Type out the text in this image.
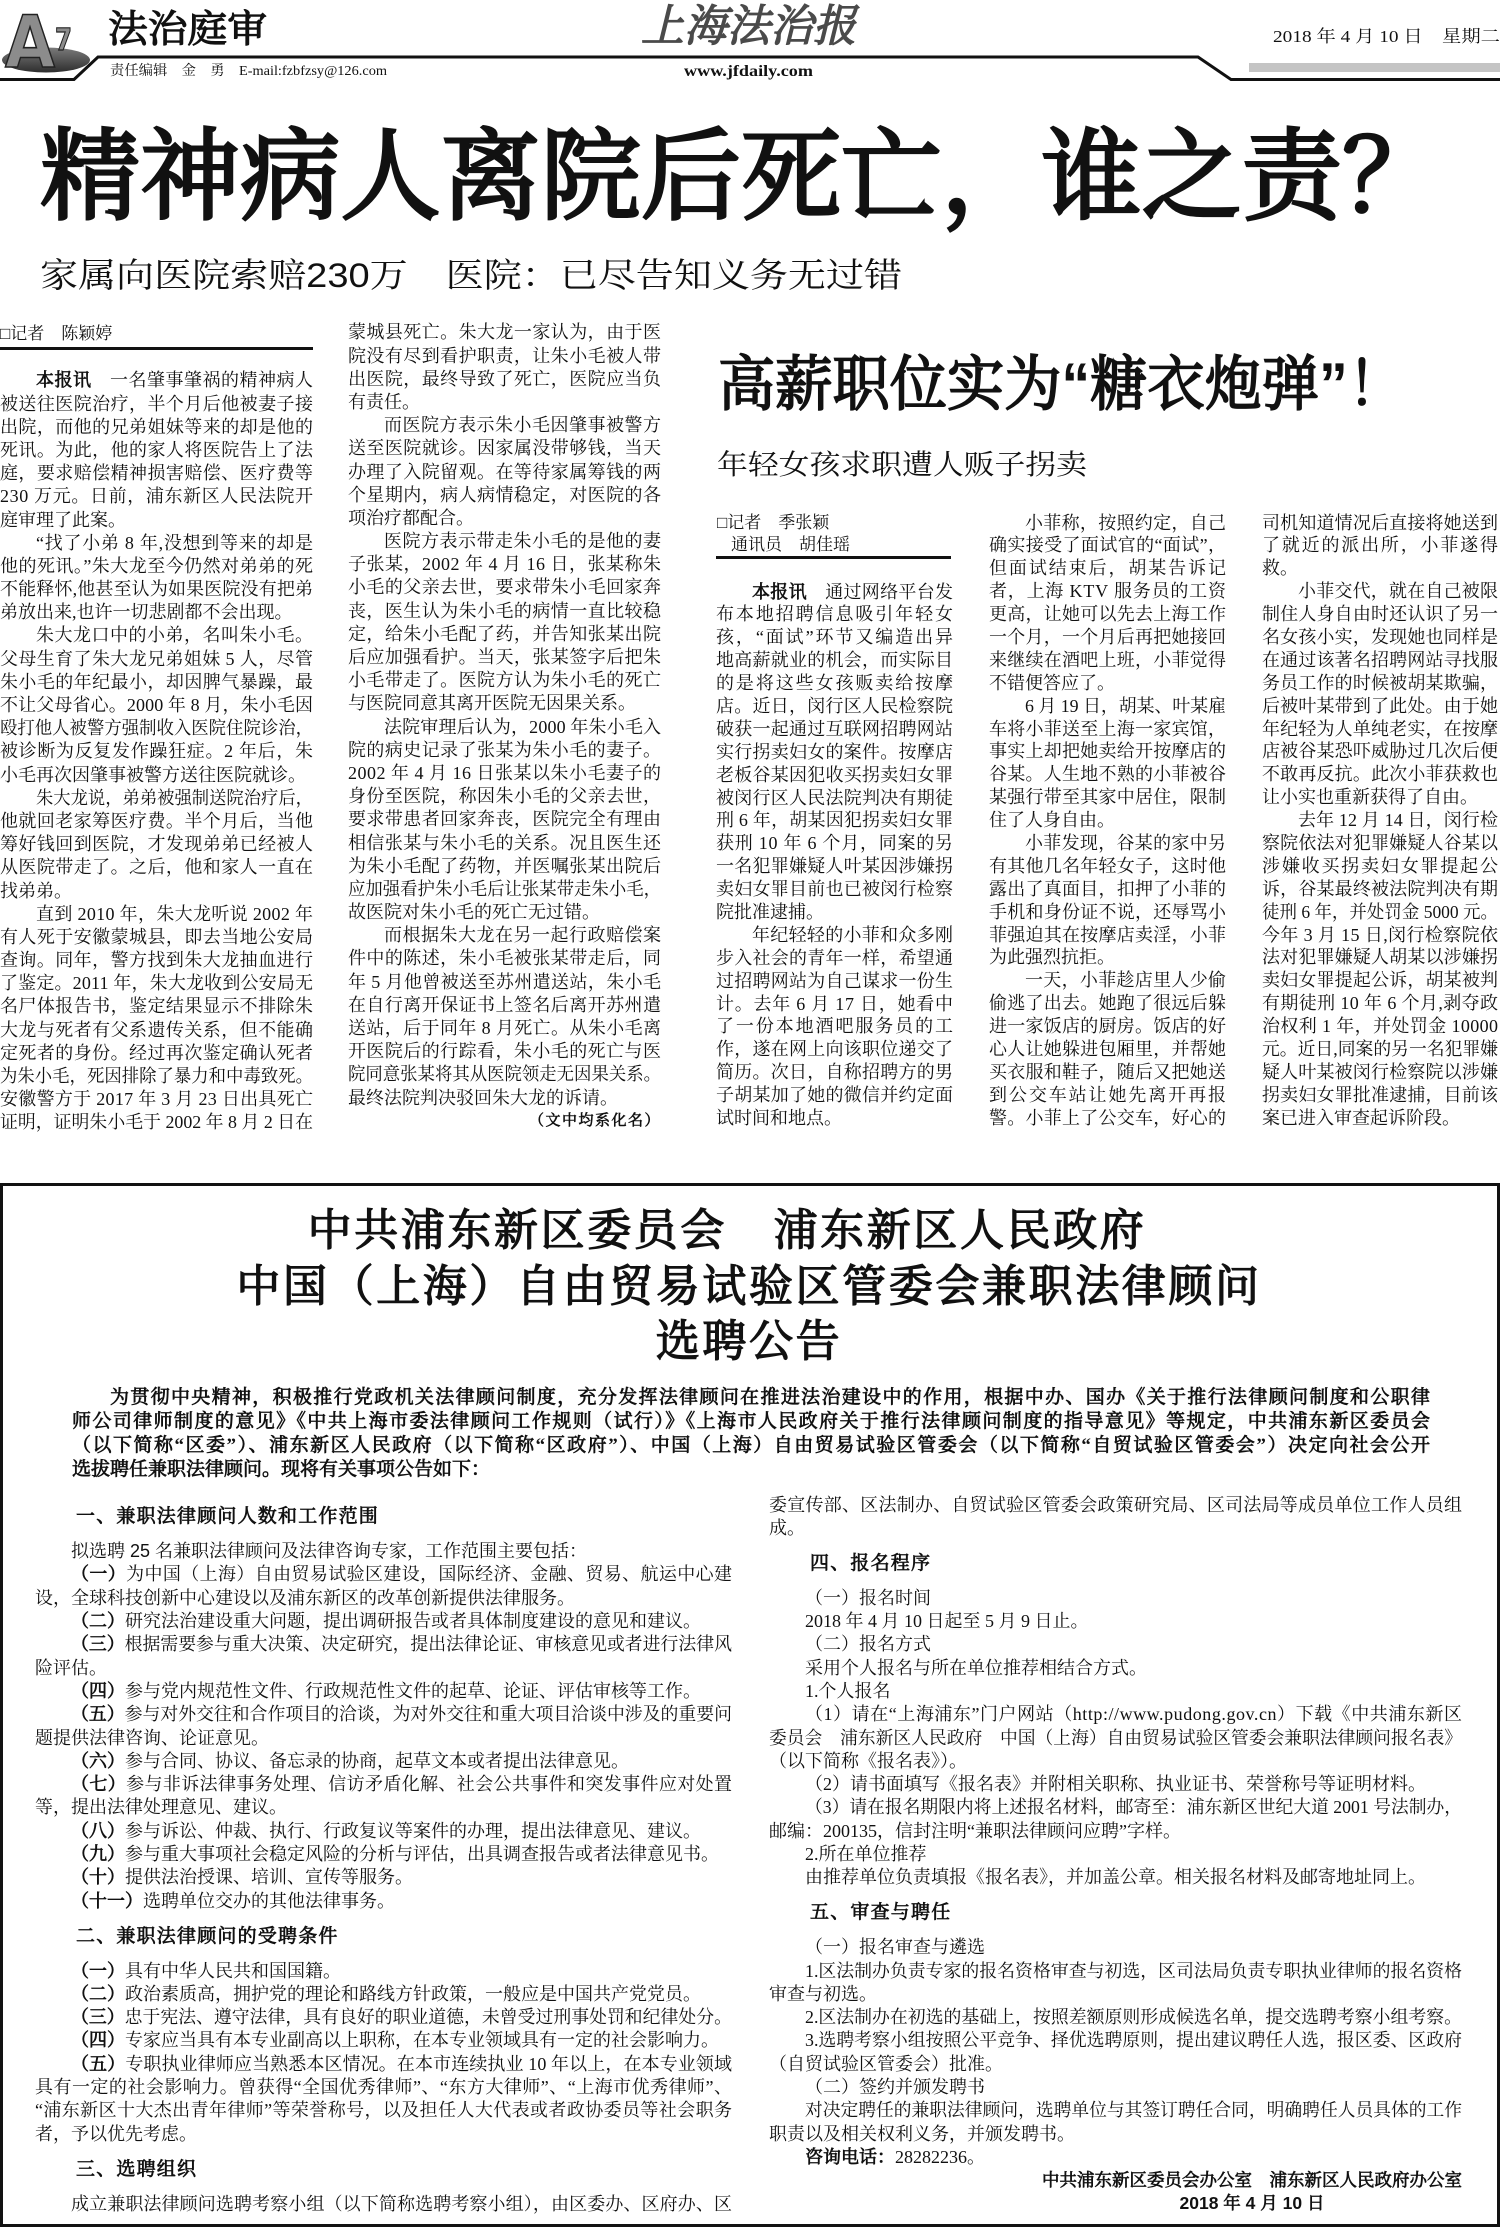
A 7 法治庭审	上海法治报	2018 年 4 月 10 日　星期二
责任编辑　金　勇　E-mail:fzbfzsy@126.com	www.jfdaily.com
精神病人离院后死亡，谁之责？
家属向医院索赔230万　医院：已尽告知义务无过错
□记者　陈颖婷
本报讯　一名肇事肇祸的精神病人
被送往医院治疗，半个月后他被妻子接
出院，而他的兄弟姐妹等来的却是他的
死讯。为此，他的家人将医院告上了法
庭，要求赔偿精神损害赔偿、医疗费等
230 万元。日前，浦东新区人民法院开
庭审理了此案。
“找了小弟 8 年,没想到等来的却是
他的死讯。”朱大龙至今仍然对弟弟的死
不能释怀,他甚至认为如果医院没有把弟
弟放出来,也许一切悲剧都不会出现。
朱大龙口中的小弟，名叫朱小毛。
父母生育了朱大龙兄弟姐妹 5 人，尽管
朱小毛的年纪最小，却因脾气暴躁，最
不让父母省心。2000 年 8 月，朱小毛因
殴打他人被警方强制收入医院住院诊治，
被诊断为反复发作躁狂症。2 年后，朱
小毛再次因肇事被警方送往医院就诊。
朱大龙说，弟弟被强制送院治疗后，
他就回老家筹医疗费。半个月后，当他
筹好钱回到医院，才发现弟弟已经被人
从医院带走了。之后，他和家人一直在
找弟弟。
直到 2010 年，朱大龙听说 2002 年
有人死于安徽蒙城县，即去当地公安局
查询。同年，警方找到朱大龙抽血进行
了鉴定。2011 年，朱大龙收到公安局无
名尸体报告书，鉴定结果显示不排除朱
大龙与死者有父系遗传关系，但不能确
定死者的身份。经过再次鉴定确认死者
为朱小毛，死因排除了暴力和中毒致死。
安徽警方于 2017 年 3 月 23 日出具死亡
证明，证明朱小毛于 2002 年 8 月 2 日在
蒙城县死亡。朱大龙一家认为，由于医
院没有尽到看护职责，让朱小毛被人带
出医院，最终导致了死亡，医院应当负
有责任。
而医院方表示朱小毛因肇事被警方
送至医院就诊。因家属没带够钱，当天
办理了入院留观。在等待家属筹钱的两
个星期内，病人病情稳定，对医院的各
项治疗都配合。
医院方表示带走朱小毛的是他的妻
子张某，2002 年 4 月 16 日，张某称朱
小毛的父亲去世，要求带朱小毛回家奔
丧，医生认为朱小毛的病情一直比较稳
定，给朱小毛配了药，并告知张某出院
后应加强看护。当天，张某签字后把朱
小毛带走了。医院方认为朱小毛的死亡
与医院同意其离开医院无因果关系。
法院审理后认为，2000 年朱小毛入
院的病史记录了张某为朱小毛的妻子。
2002 年 4 月 16 日张某以朱小毛妻子的
身份至医院，称因朱小毛的父亲去世，
要求带患者回家奔丧，医院完全有理由
相信张某与朱小毛的关系。况且医生还
为朱小毛配了药物，并医嘱张某出院后
应加强看护朱小毛后让张某带走朱小毛，
故医院对朱小毛的死亡无过错。
而根据朱大龙在另一起行政赔偿案
件中的陈述，朱小毛被张某带走后，同
年 5 月他曾被送至苏州遣送站，朱小毛
在自行离开保证书上签名后离开苏州遣
送站，后于同年 8 月死亡。从朱小毛离
开医院后的行踪看，朱小毛的死亡与医
院同意张某将其从医院领走无因果关系。
最终法院判决驳回朱大龙的诉请。
（文中均系化名）
高薪职位实为“糖衣炮弹”！
年轻女孩求职遭人贩子拐卖
□记者　季张颖
通讯员　胡佳瑶
本报讯　通过网络平台发
布本地招聘信息吸引年轻女
孩，“面试”环节又编造出异
地高薪就业的机会，而实际目
的是将这些女孩贩卖给按摩
店。近日，闵行区人民检察院
破获一起通过互联网招聘网站
实行拐卖妇女的案件。按摩店
老板谷某因犯收买拐卖妇女罪
被闵行区人民法院判决有期徒
刑 6 年，胡某因犯拐卖妇女罪
获刑 10 年 6 个月，同案的另
一名犯罪嫌疑人叶某因涉嫌拐
卖妇女罪目前也已被闵行检察
院批准逮捕。
年纪轻轻的小菲和众多刚
步入社会的青年一样，希望通
过招聘网站为自己谋求一份生
计。去年 6 月 17 日，她看中
了一份本地酒吧服务员的工
作，遂在网上向该职位递交了
简历。次日，自称招聘方的男
子胡某加了她的微信并约定面
试时间和地点。
小菲称，按照约定，自己
确实接受了面试官的“面试”，
但面试结束后，胡某告诉记
者，上海 KTV 服务员的工资
更高，让她可以先去上海工作
一个月，一个月后再把她接回
来继续在酒吧上班，小菲觉得
不错便答应了。
6 月 19 日，胡某、叶某雇
车将小菲送至上海一家宾馆，
事实上却把她卖给开按摩店的
谷某。人生地不熟的小菲被谷
某强行带至其家中居住，限制
住了人身自由。
小菲发现，谷某的家中另
有其他几名年轻女子，这时他
露出了真面目，扣押了小菲的
手机和身份证不说，还辱骂小
菲强迫其在按摩店卖淫，小菲
为此强烈抗拒。
一天，小菲趁店里人少偷
偷逃了出去。她跑了很远后躲
进一家饭店的厨房。饭店的好
心人让她躲进包厢里，并帮她
买衣服和鞋子，随后又把她送
到公交车站让她先离开再报
警。小菲上了公交车，好心的
司机知道情况后直接将她送到
了就近的派出所，小菲遂得
救。
小菲交代，就在自己被限
制住人身自由时还认识了另一
名女孩小实，发现她也同样是
在通过该著名招聘网站寻找服
务员工作的时候被胡某欺骗，
后被叶某带到了此处。由于她
年纪轻为人单纯老实，在按摩
店被谷某恐吓威胁过几次后便
不敢再反抗。此次小菲获救也
让小实也重新获得了自由。
去年 12 月 14 日，闵行检
察院依法对犯罪嫌疑人谷某以
涉嫌收买拐卖妇女罪提起公
诉，谷某最终被法院判决有期
徒刑 6 年，并处罚金 5000 元。
今年 3 月 15 日,闵行检察院依
法对犯罪嫌疑人胡某以涉嫌拐
卖妇女罪提起公诉，胡某被判
有期徒刑 10 年 6 个月,剥夺政
治权利 1 年，并处罚金 10000
元。近日,同案的另一名犯罪嫌
疑人叶某被闵行检察院以涉嫌
拐卖妇女罪批准逮捕，目前该
案已进入审查起诉阶段。
中共浦东新区委员会　浦东新区人民政府
中国（上海）自由贸易试验区管委会兼职法律顾问
选聘公告
为贯彻中央精神，积极推行党政机关法律顾问制度，充分发挥法律顾问在推进法治建设中的作用，根据中办、国办《关于推行法律顾问制度和公职律
师公司律师制度的意见》《中共上海市委法律顾问工作规则（试行）》《上海市人民政府关于推行法律顾问制度的指导意见》等规定，中共浦东新区委员会
（以下简称“区委”）、浦东新区人民政府（以下简称“区政府”）、中国（上海）自由贸易试验区管委会（以下简称“自贸试验区管委会”）决定向社会公开
选拔聘任兼职法律顾问。现将有关事项公告如下：
一、兼职法律顾问人数和工作范围
拟选聘 25 名兼职法律顾问及法律咨询专家，工作范围主要包括：
（一）为中国（上海）自由贸易试验区建设，国际经济、金融、贸易、航运中心建
设，全球科技创新中心建设以及浦东新区的改革创新提供法律服务。
（二）研究法治建设重大问题，提出调研报告或者具体制度建设的意见和建议。
（三）根据需要参与重大决策、决定研究，提出法律论证、审核意见或者进行法律风
险评估。
（四）参与党内规范性文件、行政规范性文件的起草、论证、评估审核等工作。
（五）参与对外交往和合作项目的洽谈，为对外交往和重大项目洽谈中涉及的重要问
题提供法律咨询、论证意见。
（六）参与合同、协议、备忘录的协商，起草文本或者提出法律意见。
（七）参与非诉法律事务处理、信访矛盾化解、社会公共事件和突发事件应对处置
等，提出法律处理意见、建议。
（八）参与诉讼、仲裁、执行、行政复议等案件的办理，提出法律意见、建议。
（九）参与重大事项社会稳定风险的分析与评估，出具调查报告或者法律意见书。
（十）提供法治授课、培训、宣传等服务。
（十一）选聘单位交办的其他法律事务。
二、兼职法律顾问的受聘条件
（一）具有中华人民共和国国籍。
（二）政治素质高，拥护党的理论和路线方针政策，一般应是中国共产党党员。
（三）忠于宪法、遵守法律，具有良好的职业道德，未曾受过刑事处罚和纪律处分。
（四）专家应当具有本专业副高以上职称，在本专业领域具有一定的社会影响力。
（五）专职执业律师应当熟悉本区情况。在本市连续执业 10 年以上，在本专业领域
具有一定的社会影响力。曾获得“全国优秀律师”、“东方大律师”、“上海市优秀律师”、
“浦东新区十大杰出青年律师”等荣誉称号，以及担任人大代表或者政协委员等社会职务
者，予以优先考虑。
三、选聘组织
成立兼职法律顾问选聘考察小组（以下简称选聘考察小组），由区委办、区府办、区
委宣传部、区法制办、自贸试验区管委会政策研究局、区司法局等成员单位工作人员组
成。
四、报名程序
（一）报名时间
2018 年 4 月 10 日起至 5 月 9 日止。
（二）报名方式
采用个人报名与所在单位推荐相结合方式。
1.个人报名
（1）请在“上海浦东”门户网站（http://www.pudong.gov.cn）下载《中共浦东新区
委员会　浦东新区人民政府　中国（上海）自由贸易试验区管委会兼职法律顾问报名表》
（以下简称《报名表》）。
（2）请书面填写《报名表》并附相关职称、执业证书、荣誉称号等证明材料。
（3）请在报名期限内将上述报名材料，邮寄至：浦东新区世纪大道 2001 号法制办，
邮编：200135，信封注明“兼职法律顾问应聘”字样。
2.所在单位推荐
由推荐单位负责填报《报名表》，并加盖公章。相关报名材料及邮寄地址同上。
五、审查与聘任
（一）报名审查与遴选
1.区法制办负责专家的报名资格审查与初选，区司法局负责专职执业律师的报名资格
审查与初选。
2.区法制办在初选的基础上，按照差额原则形成候选名单，提交选聘考察小组考察。
3.选聘考察小组按照公平竞争、择优选聘原则，提出建议聘任人选，报区委、区政府
（自贸试验区管委会）批准。
（二）签约并颁发聘书
对决定聘任的兼职法律顾问，选聘单位与其签订聘任合同，明确聘任人员具体的工作
职责以及相关权利义务，并颁发聘书。
咨询电话：28282236。
中共浦东新区委员会办公室　浦东新区人民政府办公室
2018 年 4 月 10 日
